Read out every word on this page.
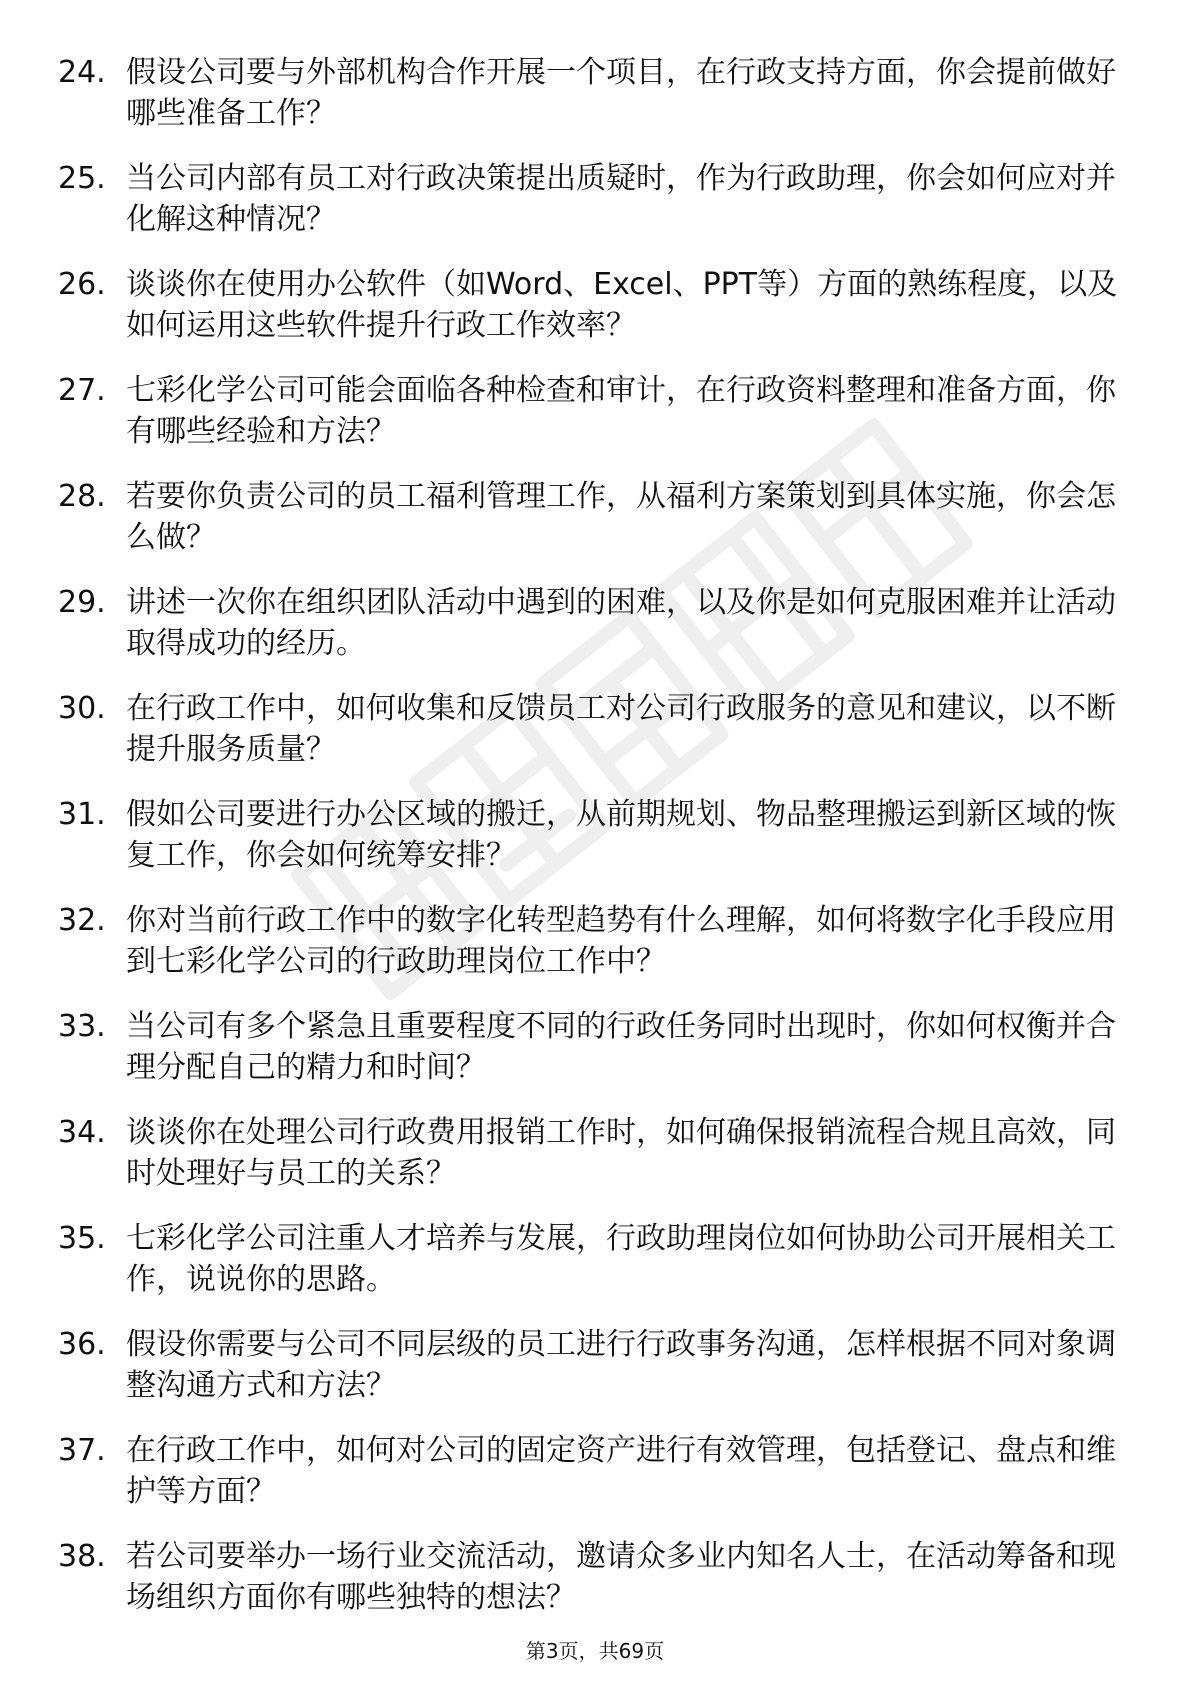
24. 假设公司要与外部机构合作开展一个项目，在行政支持方面，你会提前做好哪些准备工作？
25. 当公司内部有员工对行政决策提出质疑时，作为行政助理，你会如何应对并化解这种情况？
26. 谈谈你在使用办公软件（如Word、Excel、PPT等）方面的熟练程度，以及如何运用这些软件提升行政工作效率？
27. 七彩化学公司可能会面临各种检查和审计，在行政资料整理和准备方面，你有哪些经验和方法？
28. 若要你负责公司的员工福利管理工作，从福利方案策划到具体实施，你会怎么做？
29. 讲述一次你在组织团队活动中遇到的困难，以及你是如何克服困难并让活动取得成功的经历。
30. 在行政工作中，如何收集和反馈员工对公司行政服务的意见和建议，以不断提升服务质量？
31. 假如公司要进行办公区域的搬迁，从前期规划、物品整理搬运到新区域的恢复工作，你会如何统筹安排？
32. 你对当前行政工作中的数字化转型趋势有什么理解，如何将数字化手段应用到七彩化学公司的行政助理岗位工作中？
33. 当公司有多个紧急且重要程度不同的行政任务同时出现时，你如何权衡并合理分配自己的精力和时间？
34. 谈谈你在处理公司行政费用报销工作时，如何确保报销流程合规且高效，同时处理好与员工的关系？
35. 七彩化学公司注重人才培养与发展，行政助理岗位如何协助公司开展相关工作，说说你的思路。
36. 假设你需要与公司不同层级的员工进行行政事务沟通，怎样根据不同对象调整沟通方式和方法？
37. 在行政工作中，如何对公司的固定资产进行有效管理，包括登记、盘点和维护等方面？
38. 若公司要举办一场行业交流活动，邀请众多业内知名人士，在活动筹备和现场组织方面你有哪些独特的想法？
第3页，共69页
